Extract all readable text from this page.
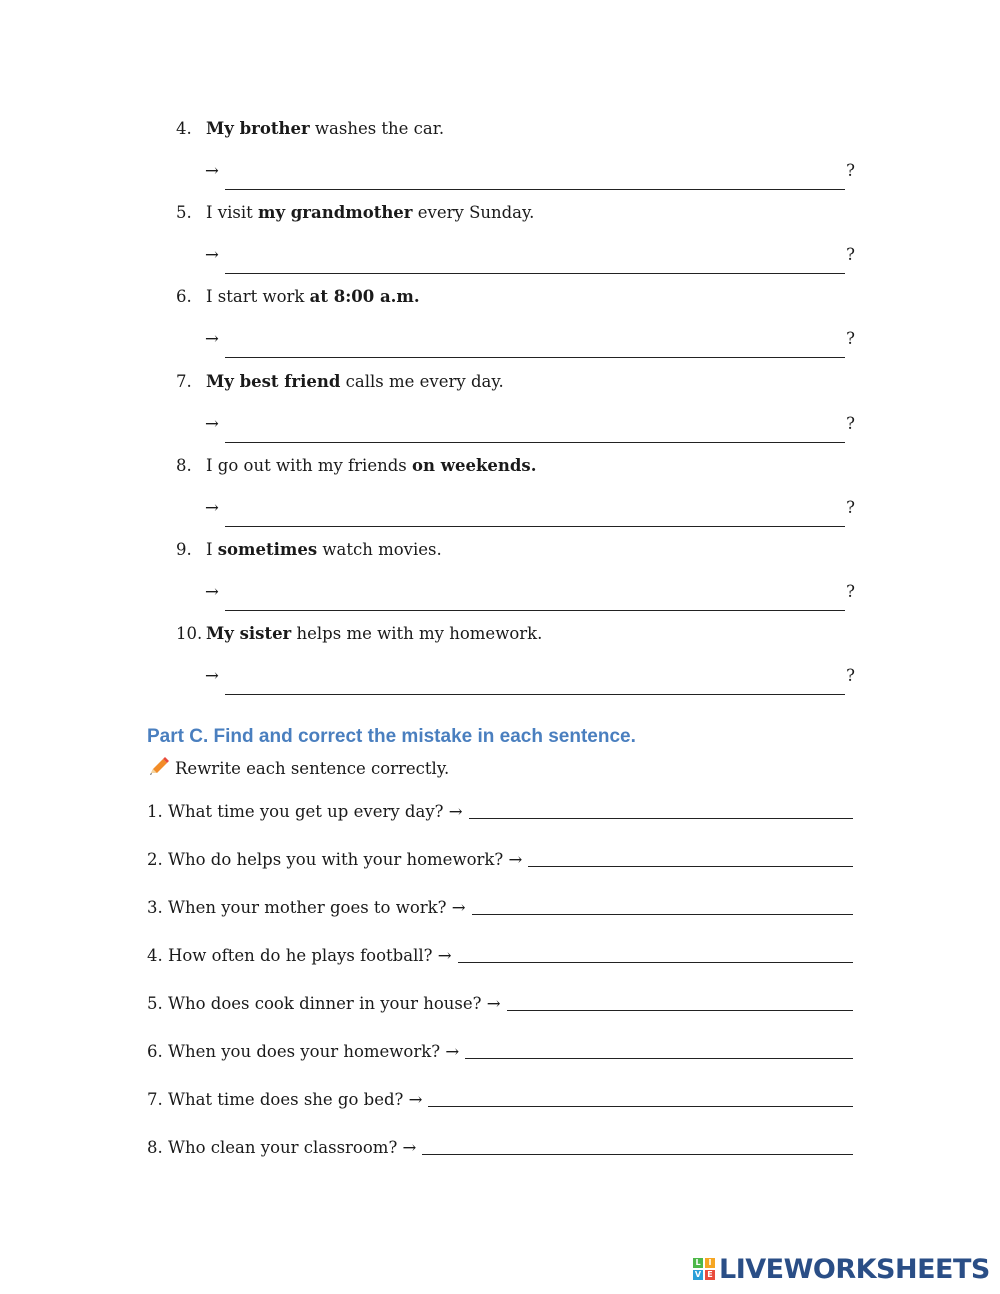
4. My brother washes the car.
→	?
5. I visit my grandmother every Sunday.
→	?
6. I start work at 8:00 a.m.
→	?
7. My best friend calls me every day.
→	?
8. I go out with my friends on weekends.
→	?
9. I sometimes watch movies.
→	?
10. My sister helps me with my homework.
→	?
Part C. Find and correct the mistake in each sentence.
Rewrite each sentence correctly.
1. What time you get up every day? →
2. Who do helps you with your homework? →
3. When your mother goes to work? →
4. How often do he plays football? →
5. Who does cook dinner in your house? →
6. When you does your homework? →
7. What time does she go bed? →
8. Who clean your classroom? →
L I
V E LIVEWORKSHEETS
